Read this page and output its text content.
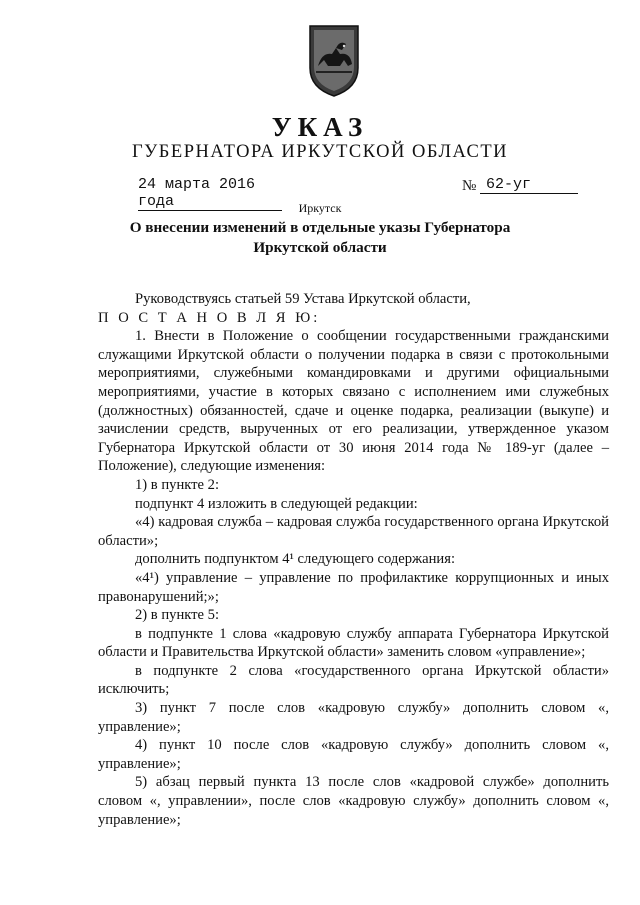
УКАЗ
ГУБЕРНАТОРА ИРКУТСКОЙ ОБЛАСТИ
24 марта 2016 года
№ 62-уг
Иркутск
О внесении изменений в отдельные указы Губернатора Иркутской области

Руководствуясь статьей 59 Устава Иркутской области,

П О С Т А Н О В Л Я Ю:

1. Внести в Положение о сообщении государственными гражданскими служащими Иркутской области о получении подарка в связи с протокольными мероприятиями, служебными командировками и другими официальными мероприятиями, участие в которых связано с исполнением ими служебных (должностных) обязанностей, сдаче и оценке подарка, реализации (выкупе) и зачислении средств, вырученных от его реализации, утвержденное указом Губернатора Иркутской области от 30 июня 2014 года № 189-уг (далее – Положение), следующие изменения:

1) в пункте 2:

подпункт 4 изложить в следующей редакции:

«4) кадровая служба – кадровая служба государственного органа Иркутской области»;

дополнить подпунктом 4¹ следующего содержания:

«4¹) управление – управление по профилактике коррупционных и иных правонарушений;»;

2) в пункте 5:

в подпункте 1 слова «кадровую службу аппарата Губернатора Иркутской области и Правительства Иркутской области» заменить словом «управление»;

в подпункте 2 слова «государственного органа Иркутской области» исключить;

3) пункт 7 после слов «кадровую службу» дополнить словом «, управление»;

4) пункт 10 после слов «кадровую службу» дополнить словом «, управление»;

5) абзац первый пункта 13 после слов «кадровой службе» дополнить словом «, управлении», после слов «кадровую службу» дополнить словом «, управление»;
